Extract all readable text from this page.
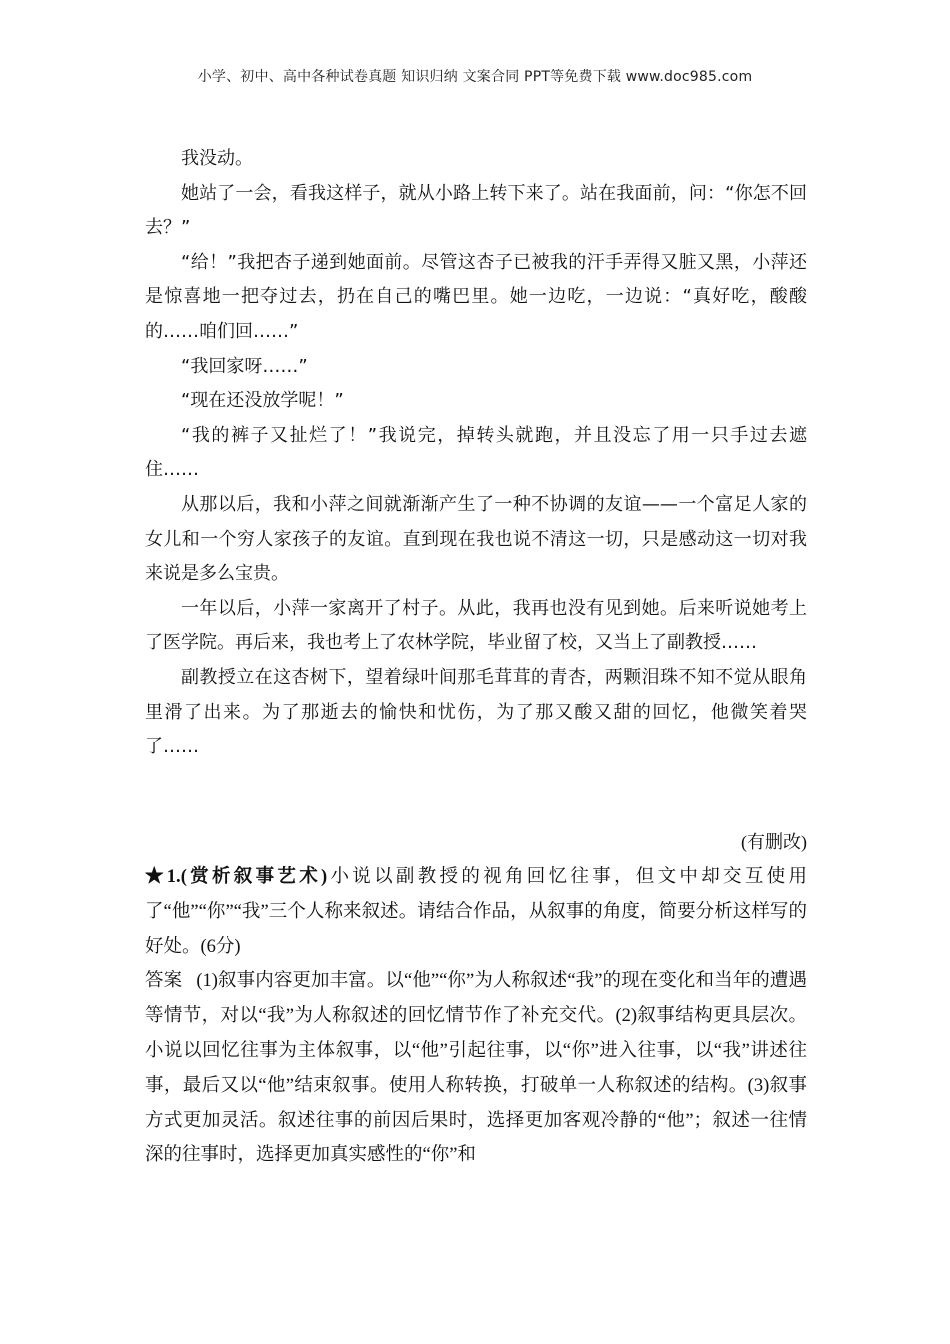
小学、初中、高中各种试卷真题 知识归纳 文案合同 PPT等免费下载 www.doc985.com

我没动。

她站了一会，看我这样子，就从小路上转下来了。站在我面前，问：“你怎不回去？”

“给！”我把杏子递到她面前。尽管这杏子已被我的汗手弄得又脏又黑，小萍还是惊喜地一把夺过去，扔在自己的嘴巴里。她一边吃，一边说：“真好吃，酸酸的……咱们回……”

“我回家呀……”

“现在还没放学呢！”

“我的裤子又扯烂了！”我说完，掉转头就跑，并且没忘了用一只手过去遮住……

从那以后，我和小萍之间就渐渐产生了一种不协调的友谊——一个富足人家的女儿和一个穷人家孩子的友谊。直到现在我也说不清这一切，只是感动这一切对我来说是多么宝贵。

一年以后，小萍一家离开了村子。从此，我再也没有见到她。后来听说她考上了医学院。再后来，我也考上了农林学院，毕业留了校，又当上了副教授……

副教授立在这杏树下，望着绿叶间那毛茸茸的青杏，两颗泪珠不知不觉从眼角里滑了出来。为了那逝去的愉快和忧伤，为了那又酸又甜的回忆，他微笑着哭了……

(有删改)

★1.(赏析叙事艺术)小说以副教授的视角回忆往事，但文中却交互使用了“他”“你”“我”三个人称来叙述。请结合作品，从叙事的角度，简要分析这样写的好处。(6分)

答案 (1)叙事内容更加丰富。以“他”“你”为人称叙述“我”的现在变化和当年的遭遇等情节，对以“我”为人称叙述的回忆情节作了补充交代。(2)叙事结构更具层次。小说以回忆往事为主体叙事，以“他”引起往事，以“你”进入往事，以“我”讲述往事，最后又以“他”结束叙事。使用人称转换，打破单一人称叙述的结构。(3)叙事方式更加灵活。叙述往事的前因后果时，选择更加客观冷静的“他”；叙述一往情深的往事时，选择更加真实感性的“你”和
